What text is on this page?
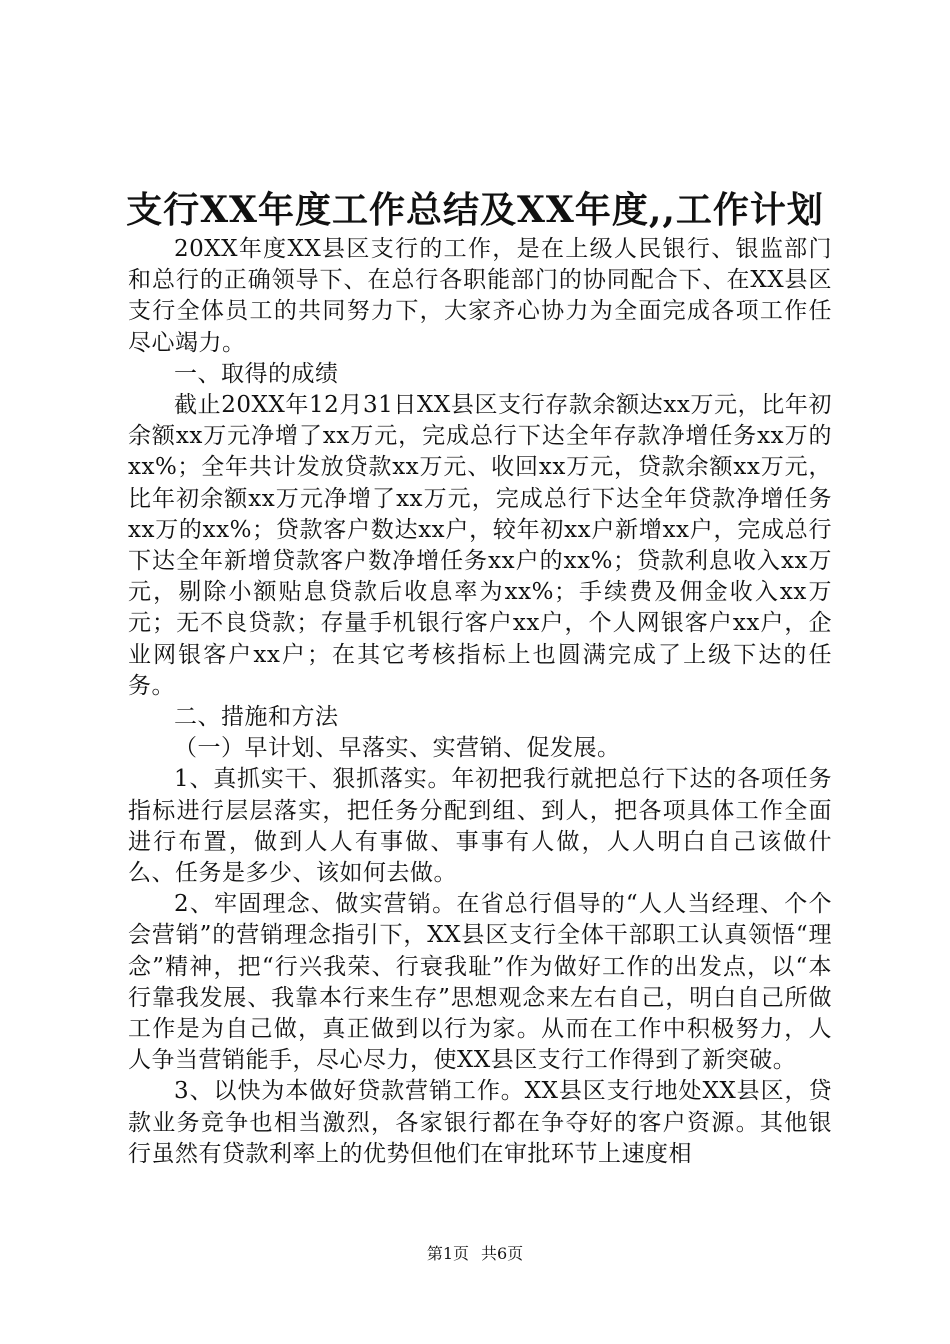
支行XX年度工作总结及XX年度,,工作计划

20XX年度XX县区支行的工作，是在上级人民银行、银监部门和总行的正确领导下、在总行各职能部门的协同配合下、在XX县区支行全体员工的共同努力下，大家齐心协力为全面完成各项工作任尽心竭力。

一、取得的成绩

截止20XX年12月31日XX县区支行存款余额达xx万元，比年初余额xx万元净增了xx万元，完成总行下达全年存款净增任务xx万的xx%；全年共计发放贷款xx万元、收回xx万元，贷款余额xx万元，比年初余额xx万元净增了xx万元，完成总行下达全年贷款净增任务xx万的xx%；贷款客户数达xx户，较年初xx户新增xx户，完成总行下达全年新增贷款客户数净增任务xx户的xx%；贷款利息收入xx万元，剔除小额贴息贷款后收息率为xx%；手续费及佣金收入xx万元；无不良贷款；存量手机银行客户xx户，个人网银客户xx户，企业网银客户xx户；在其它考核指标上也圆满完成了上级下达的任务。

二、措施和方法

（一）早计划、早落实、实营销、促发展。

1、真抓实干、狠抓落实。年初把我行就把总行下达的各项任务指标进行层层落实，把任务分配到组、到人，把各项具体工作全面进行布置，做到人人有事做、事事有人做，人人明白自己该做什么、任务是多少、该如何去做。

2、牢固理念、做实营销。在省总行倡导的“人人当经理、个个会营销”的营销理念指引下，XX县区支行全体干部职工认真领悟“理念”精神，把“行兴我荣、行衰我耻”作为做好工作的出发点，以“本行靠我发展、我靠本行来生存”思想观念来左右自己，明白自己所做工作是为自己做，真正做到以行为家。从而在工作中积极努力，人人争当营销能手，尽心尽力，使XX县区支行工作得到了新突破。

3、以快为本做好贷款营销工作。XX县区支行地处XX县区，贷款业务竞争也相当激烈，各家银行都在争夺好的客户资源。其他银行虽然有贷款利率上的优势但他们在审批环节上速度相

第1页 共6页
